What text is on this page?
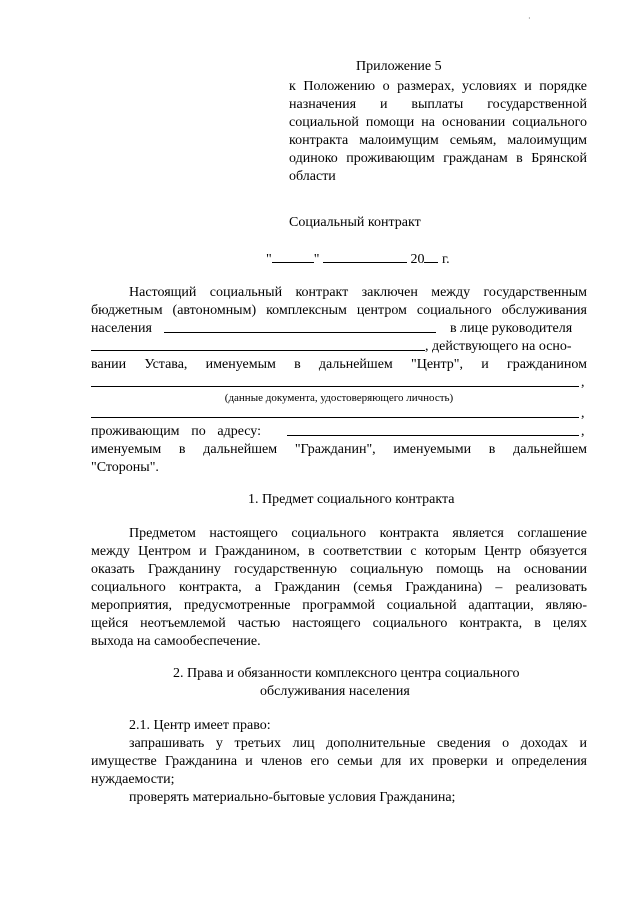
·
Приложение 5
к Положению о размерах, условиях и порядке
назначения и выплаты государственной
социальной помощи на основании социального
контракта малоимущим семьям, малоимущим
одиноко проживающим гражданам в Брянской
области
Социальный контракт
"	"	20 г.
Настоящий социальный контракт заключен между государственным
бюджетным (автономным) комплексным центром социального обслуживания
населения	в лице руководителя
, действующего на осно-
вании Устава, именуемым в дальнейшем "Центр", и гражданином
,
(данные документа, удостоверяющего личность)
,
проживающим по адресу:	,
именуемым в дальнейшем "Гражданин", именуемыми в дальнейшем
"Стороны".
1. Предмет социального контракта
Предметом настоящего социального контракта является соглашение
между Центром и Гражданином, в соответствии с которым Центр обязуется
оказать Гражданину государственную социальную помощь на основании
социального контракта, а Гражданин (семья Гражданина) – реализовать
мероприятия, предусмотренные программой социальной адаптации, являю-
щейся неотъемлемой частью настоящего социального контракта, в целях
выхода на самообеспечение.
2. Права и обязанности комплексного центра социального
обслуживания населения
2.1. Центр имеет право:
запрашивать у третьих лиц дополнительные сведения о доходах и
имуществе Гражданина и членов его семьи для их проверки и определения
нуждаемости;
проверять материально-бытовые условия Гражданина;
